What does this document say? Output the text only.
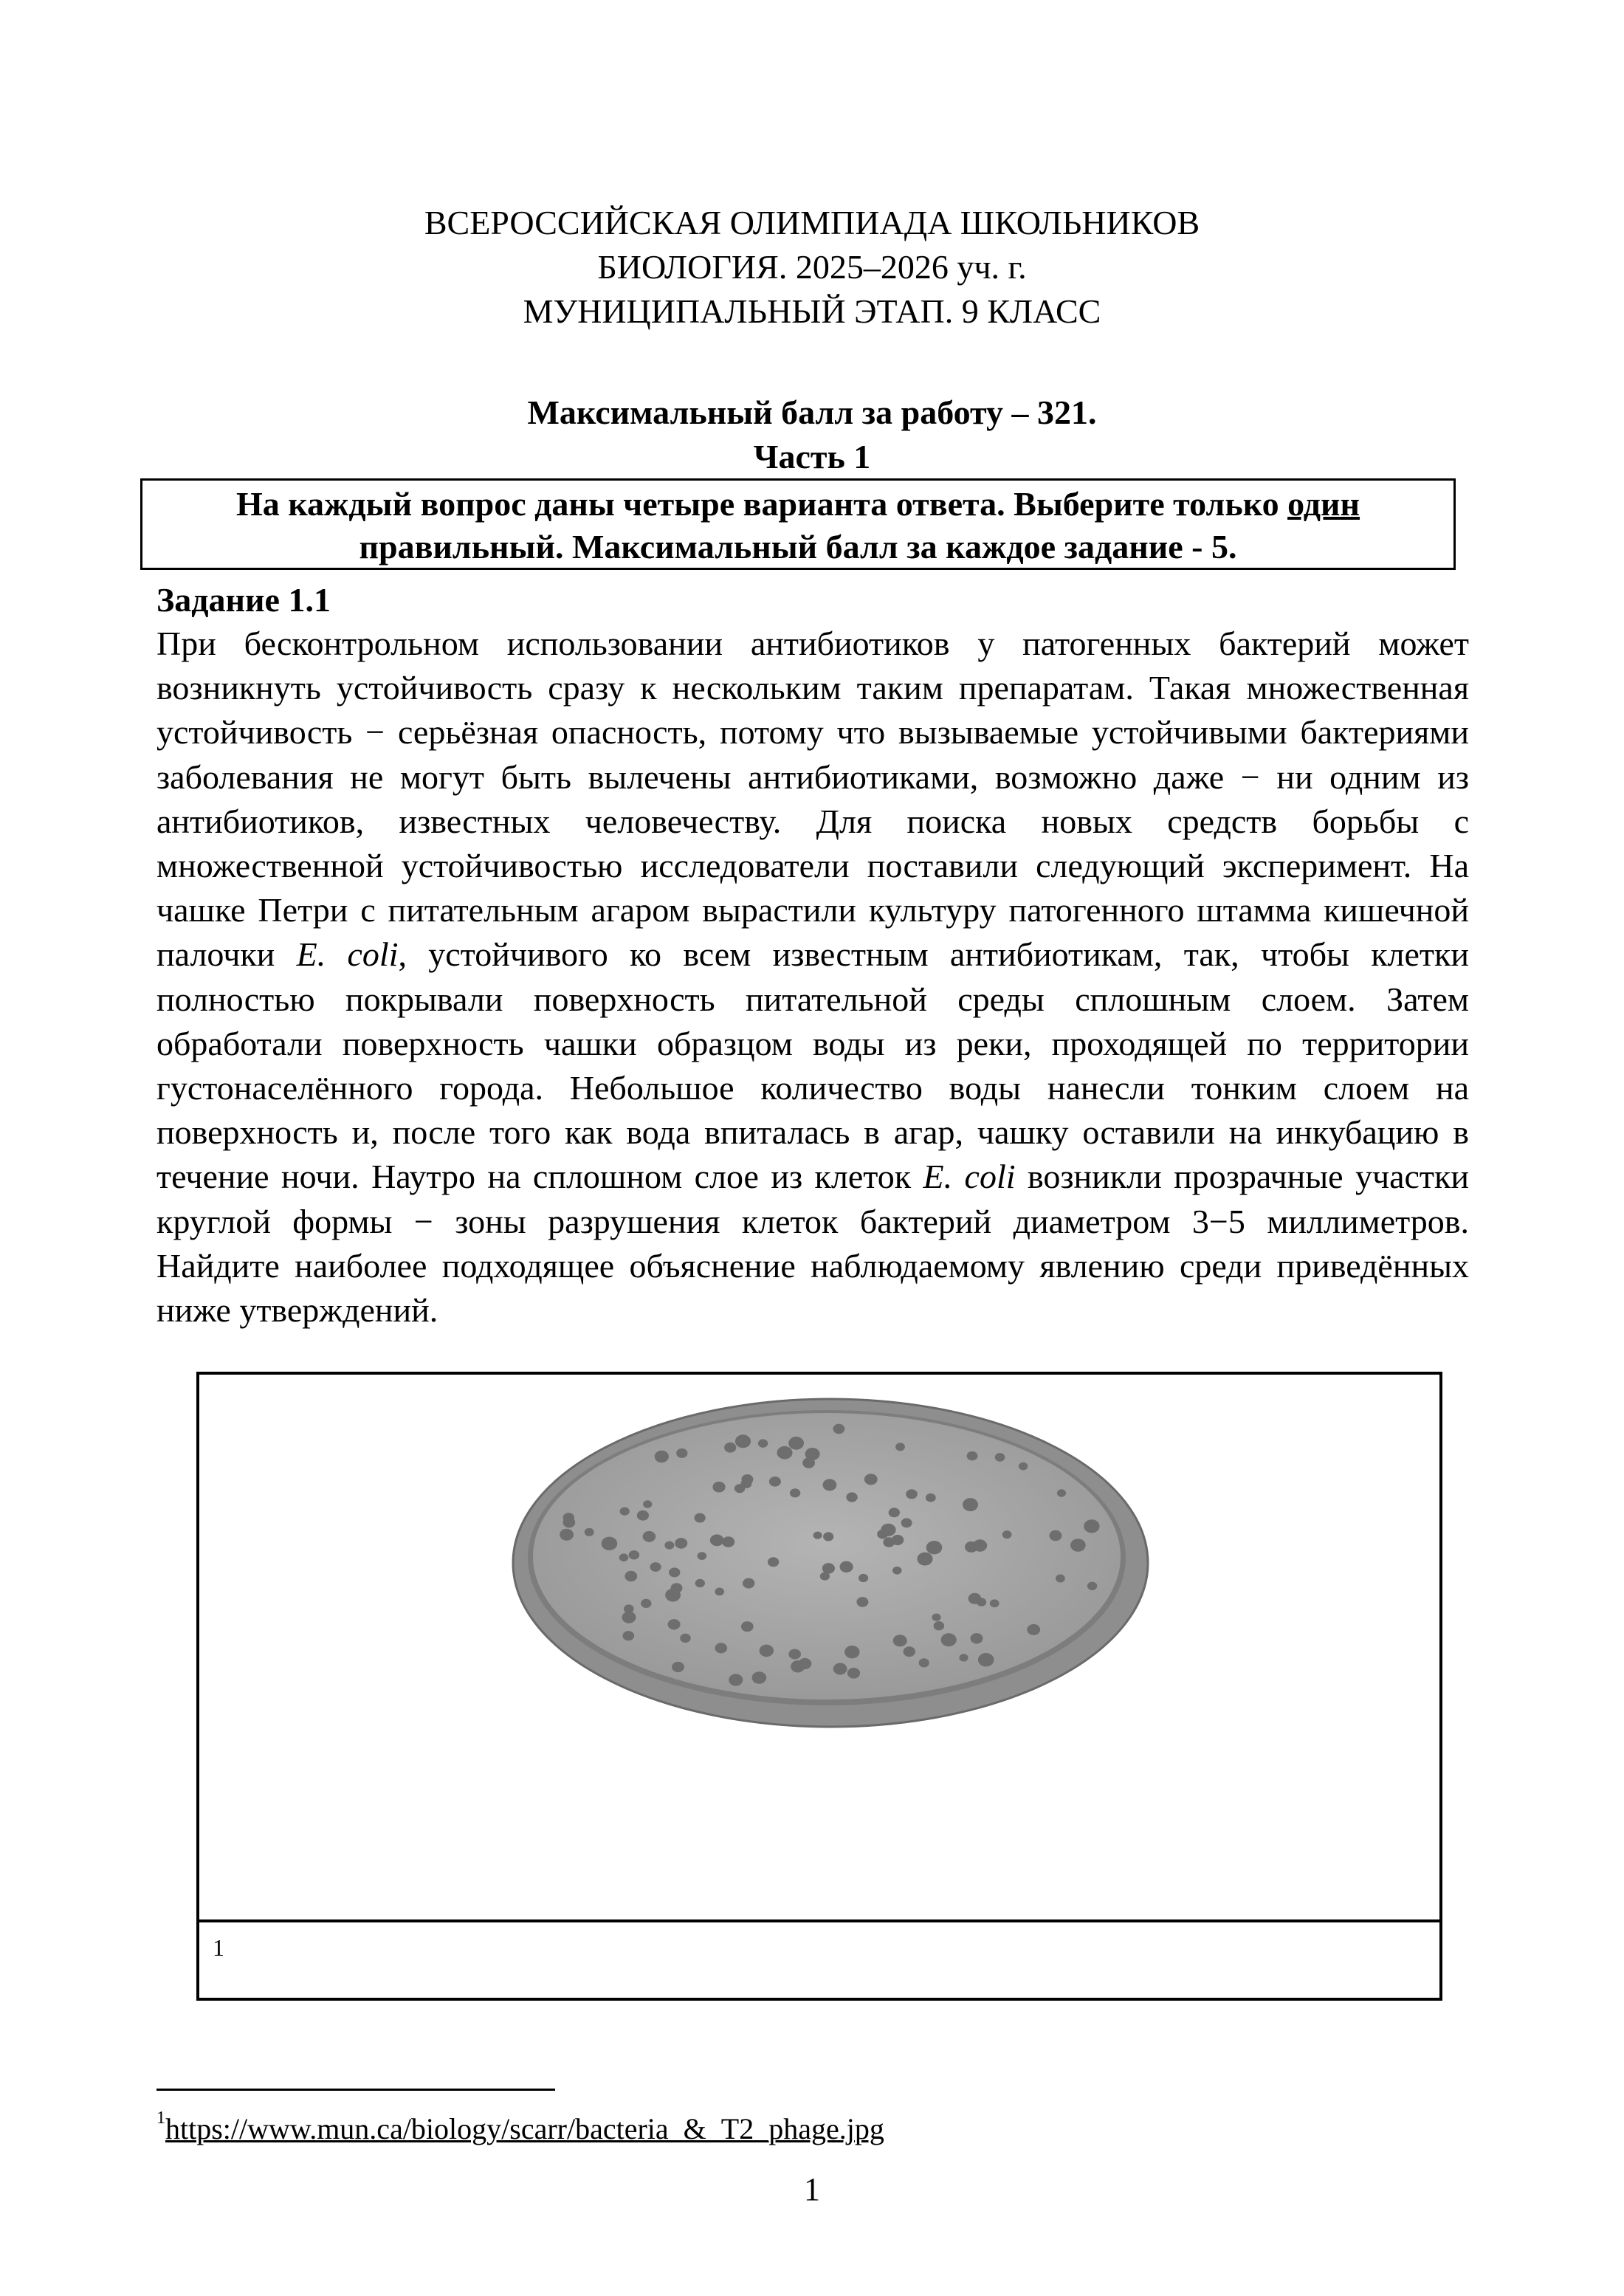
ВСЕРОССИЙСКАЯ ОЛИМПИАДА ШКОЛЬНИКОВ
БИОЛОГИЯ. 2025–2026 уч. г.
МУНИЦИПАЛЬНЫЙ ЭТАП. 9 КЛАСС
Максимальный балл за работу – 321.
Часть 1
На каждый вопрос даны четыре варианта ответа. Выберите только один правильный. Максимальный балл за каждое задание - 5.
Задание 1.1
При бесконтрольном использовании антибиотиков у патогенных бактерий может возникнуть устойчивость сразу к нескольким таким препаратам. Такая множественная устойчивость − серьёзная опасность, потому что вызываемые устойчивыми бактериями заболевания не могут быть вылечены антибиотиками, возможно даже − ни одним из антибиотиков, известных человечеству. Для поиска новых средств борьбы с множественной устойчивостью исследователи поставили следующий эксперимент. На чашке Петри с питательным агаром вырастили культуру патогенного штамма кишечной палочки E. coli, устойчивого ко всем известным антибиотикам, так, чтобы клетки полностью покрывали поверхность питательной среды сплошным слоем. Затем обработали поверхность чашки образцом воды из реки, проходящей по территории густонаселённого города. Небольшое количество воды нанесли тонким слоем на поверхность и, после того как вода впиталась в агар, чашку оставили на инкубацию в течение ночи. Наутро на сплошном слое из клеток E. coli возникли прозрачные участки круглой формы − зоны разрушения клеток бактерий диаметром 3−5 миллиметров. Найдите наиболее подходящее объяснение наблюдаемому явлению среди приведённых ниже утверждений.
1
$^1$https://www.mun.ca/biology/scarr/bacteria_&_T2_phage.jpg
1
